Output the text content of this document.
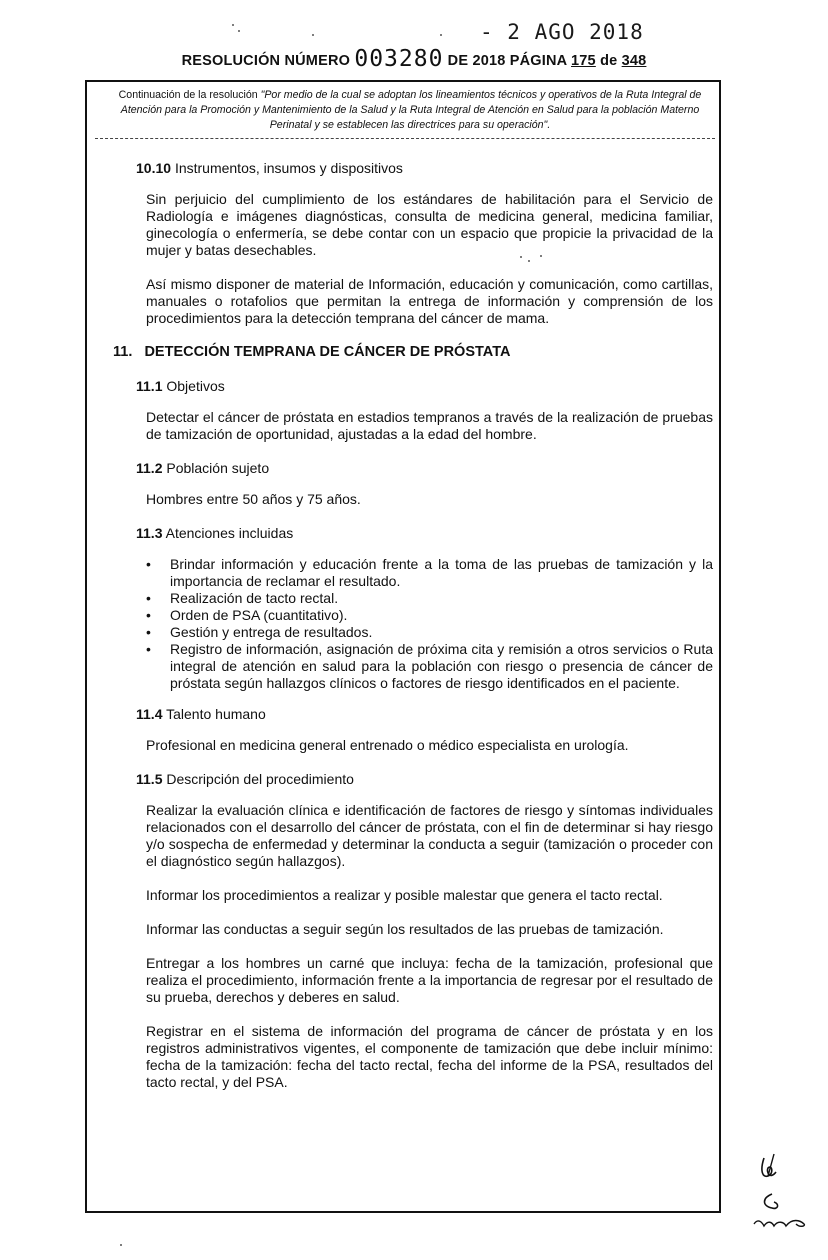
- 2 AGO 2018
RESOLUCIÓN NÚMERO 003280 DE 2018 PÁGINA 175 de 348
Continuación de la resolución "Por medio de la cual se adoptan los lineamientos técnicos y operativos de la Ruta Integral de Atención para la Promoción y Mantenimiento de la Salud y la Ruta Integral de Atención en Salud para la población Materno Perinatal y se establecen las directrices para su operación".
10.10 Instrumentos, insumos y dispositivos

Sin perjuicio del cumplimiento de los estándares de habilitación para el Servicio de Radiología e imágenes diagnósticas, consulta de medicina general, medicina familiar, ginecología o enfermería, se debe contar con un espacio que propicie la privacidad de la mujer y batas desechables.

Así mismo disponer de material de Información, educación y comunicación, como cartillas, manuales o rotafolios que permitan la entrega de información y comprensión de los procedimientos para la detección temprana del cáncer de mama.

11.   DETECCIÓN TEMPRANA DE CÁNCER DE PRÓSTATA
11.1 Objetivos

Detectar el cáncer de próstata en estadios tempranos a través de la realización de pruebas de tamización de oportunidad, ajustadas a la edad del hombre.

11.2 Población sujeto

Hombres entre 50 años y 75 años.

11.3 Atenciones incluidas
• Brindar información y educación frente a la toma de las pruebas de tamización y la importancia de reclamar el resultado.
• Realización de tacto rectal.
• Orden de PSA (cuantitativo).
• Gestión y entrega de resultados.
• Registro de información, asignación de próxima cita y remisión a otros servicios o Ruta integral de atención en salud para la población con riesgo o presencia de cáncer de próstata según hallazgos clínicos o factores de riesgo identificados en el paciente.
11.4 Talento humano

Profesional en medicina general entrenado o médico especialista en urología.

11.5 Descripción del procedimiento

Realizar la evaluación clínica e identificación de factores de riesgo y síntomas individuales relacionados con el desarrollo del cáncer de próstata, con el fin de determinar si hay riesgo y/o sospecha de enfermedad y determinar la conducta a seguir (tamización o proceder con el diagnóstico según hallazgos).

Informar los procedimientos a realizar y posible malestar que genera el tacto rectal.

Informar las conductas a seguir según los resultados de las pruebas de tamización.

Entregar a los hombres un carné que incluya: fecha de la tamización, profesional que realiza el procedimiento, información frente a la importancia de regresar por el resultado de su prueba, derechos y deberes en salud.

Registrar en el sistema de información del programa de cáncer de próstata y en los registros administrativos vigentes, el componente de tamización que debe incluir mínimo: fecha de la tamización: fecha del tacto rectal, fecha del informe de la PSA, resultados del tacto rectal, y del PSA.
